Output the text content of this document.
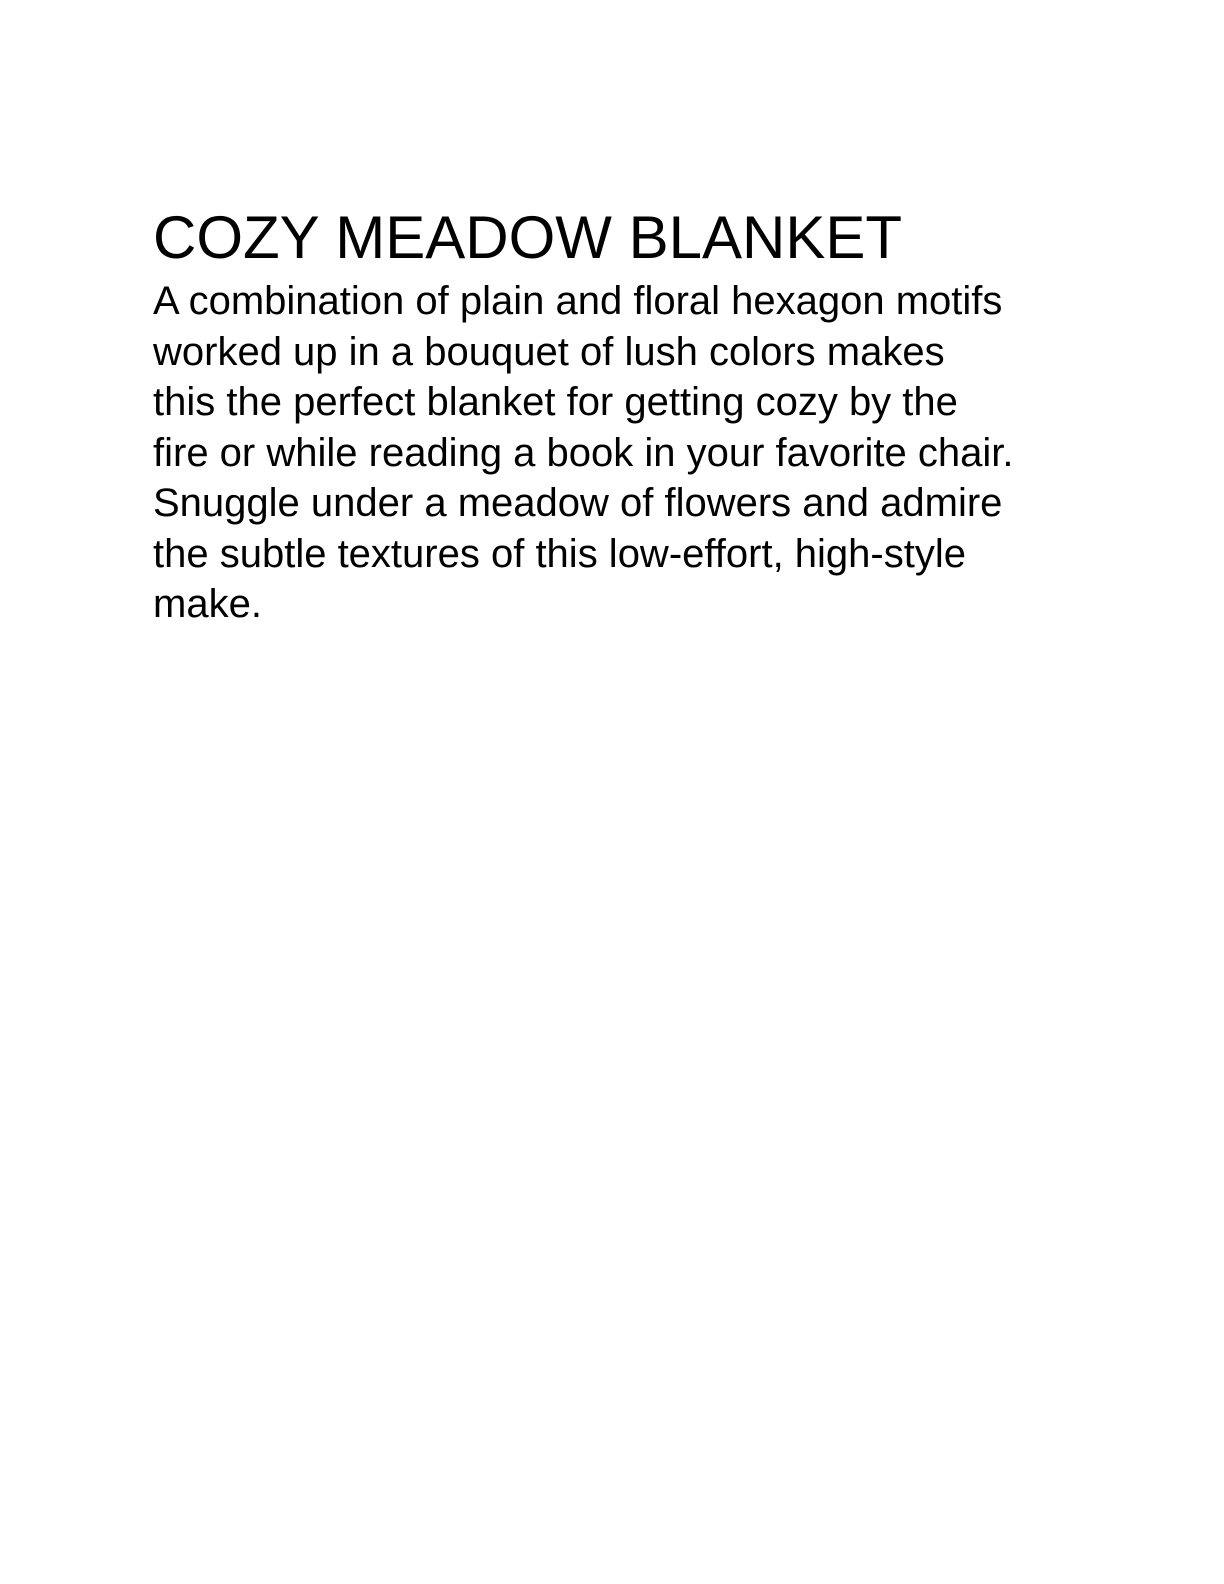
COZY MEADOW BLANKET

A combination of plain and floral hexagon motifs
worked up in a bouquet of lush colors makes
this the perfect blanket for getting cozy by the
fire or while reading a book in your favorite chair.
Snuggle under a meadow of flowers and admire
the subtle textures of this low-effort, high-style
make.
